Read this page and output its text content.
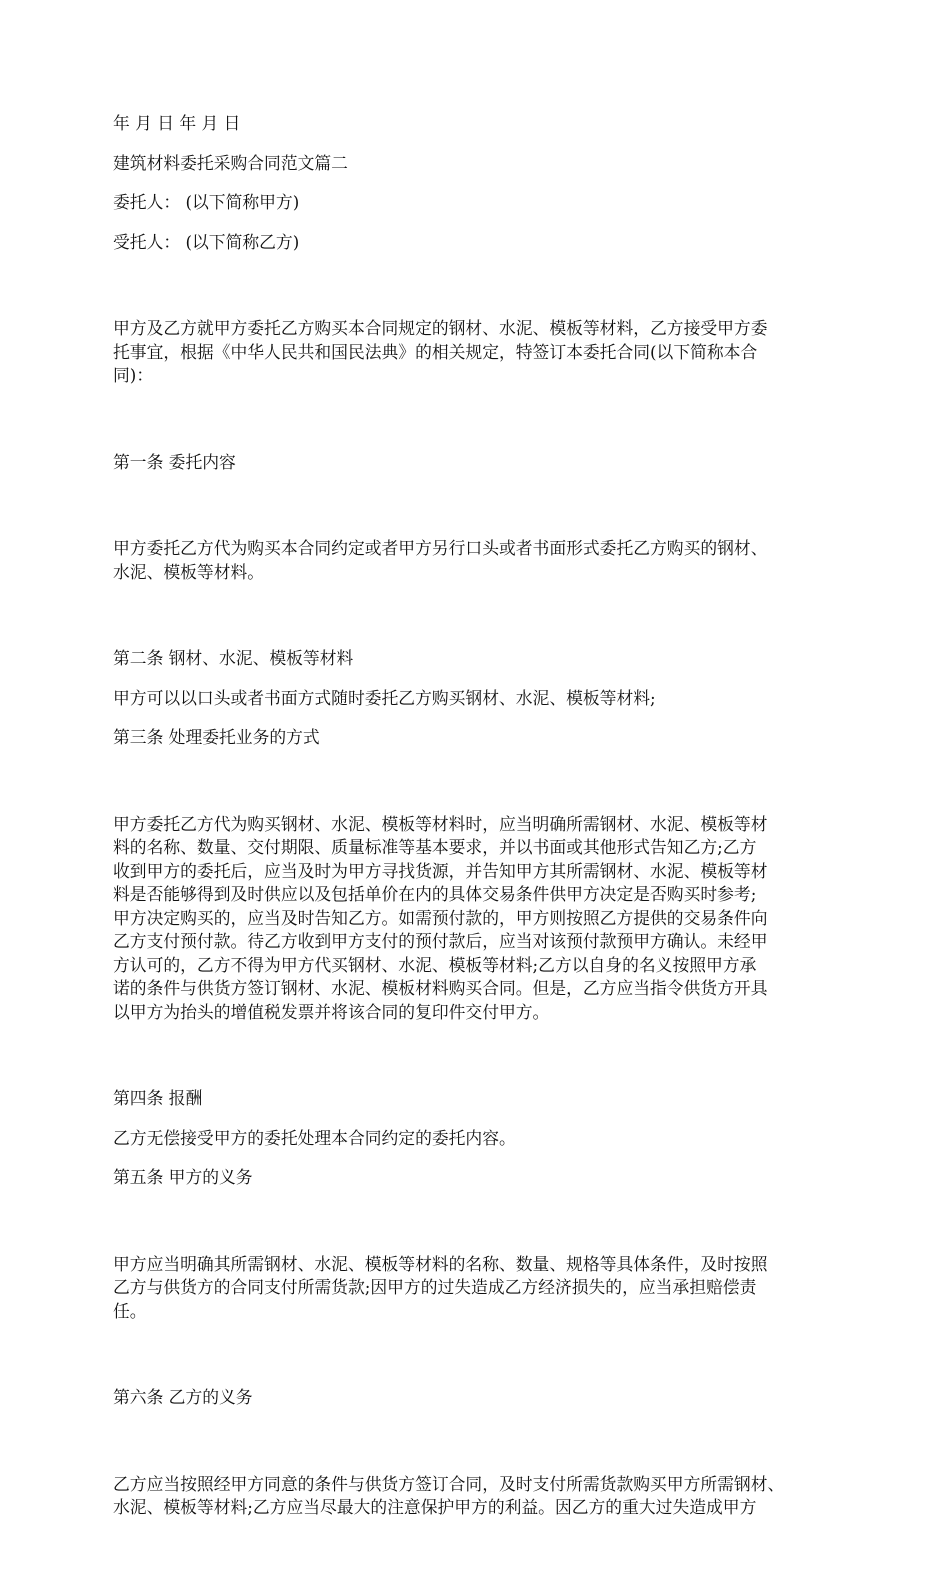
年 月 日 年 月 日

建筑材料委托采购合同范文篇二

委托人： (以下简称甲方)

受托人： (以下简称乙方)

甲方及乙方就甲方委托乙方购买本合同规定的钢材、水泥、模板等材料，乙方接受甲方委
托事宜，根据《中华人民共和国民法典》的相关规定，特签订本委托合同(以下简称本合
同)：

第一条 委托内容

甲方委托乙方代为购买本合同约定或者甲方另行口头或者书面形式委托乙方购买的钢材、
水泥、模板等材料。

第二条 钢材、水泥、模板等材料

甲方可以以口头或者书面方式随时委托乙方购买钢材、水泥、模板等材料;

第三条 处理委托业务的方式

甲方委托乙方代为购买钢材、水泥、模板等材料时，应当明确所需钢材、水泥、模板等材
料的名称、数量、交付期限、质量标准等基本要求，并以书面或其他形式告知乙方;乙方
收到甲方的委托后，应当及时为甲方寻找货源，并告知甲方其所需钢材、水泥、模板等材
料是否能够得到及时供应以及包括单价在内的具体交易条件供甲方决定是否购买时参考;
甲方决定购买的，应当及时告知乙方。如需预付款的，甲方则按照乙方提供的交易条件向
乙方支付预付款。待乙方收到甲方支付的预付款后，应当对该预付款预甲方确认。未经甲
方认可的，乙方不得为甲方代买钢材、水泥、模板等材料;乙方以自身的名义按照甲方承
诺的条件与供货方签订钢材、水泥、模板材料购买合同。但是，乙方应当指令供货方开具
以甲方为抬头的增值税发票并将该合同的复印件交付甲方。

第四条 报酬

乙方无偿接受甲方的委托处理本合同约定的委托内容。

第五条 甲方的义务

甲方应当明确其所需钢材、水泥、模板等材料的名称、数量、规格等具体条件，及时按照
乙方与供货方的合同支付所需货款;因甲方的过失造成乙方经济损失的，应当承担赔偿责
任。

第六条 乙方的义务

乙方应当按照经甲方同意的条件与供货方签订合同，及时支付所需货款购买甲方所需钢材、
水泥、模板等材料;乙方应当尽最大的注意保护甲方的利益。因乙方的重大过失造成甲方
